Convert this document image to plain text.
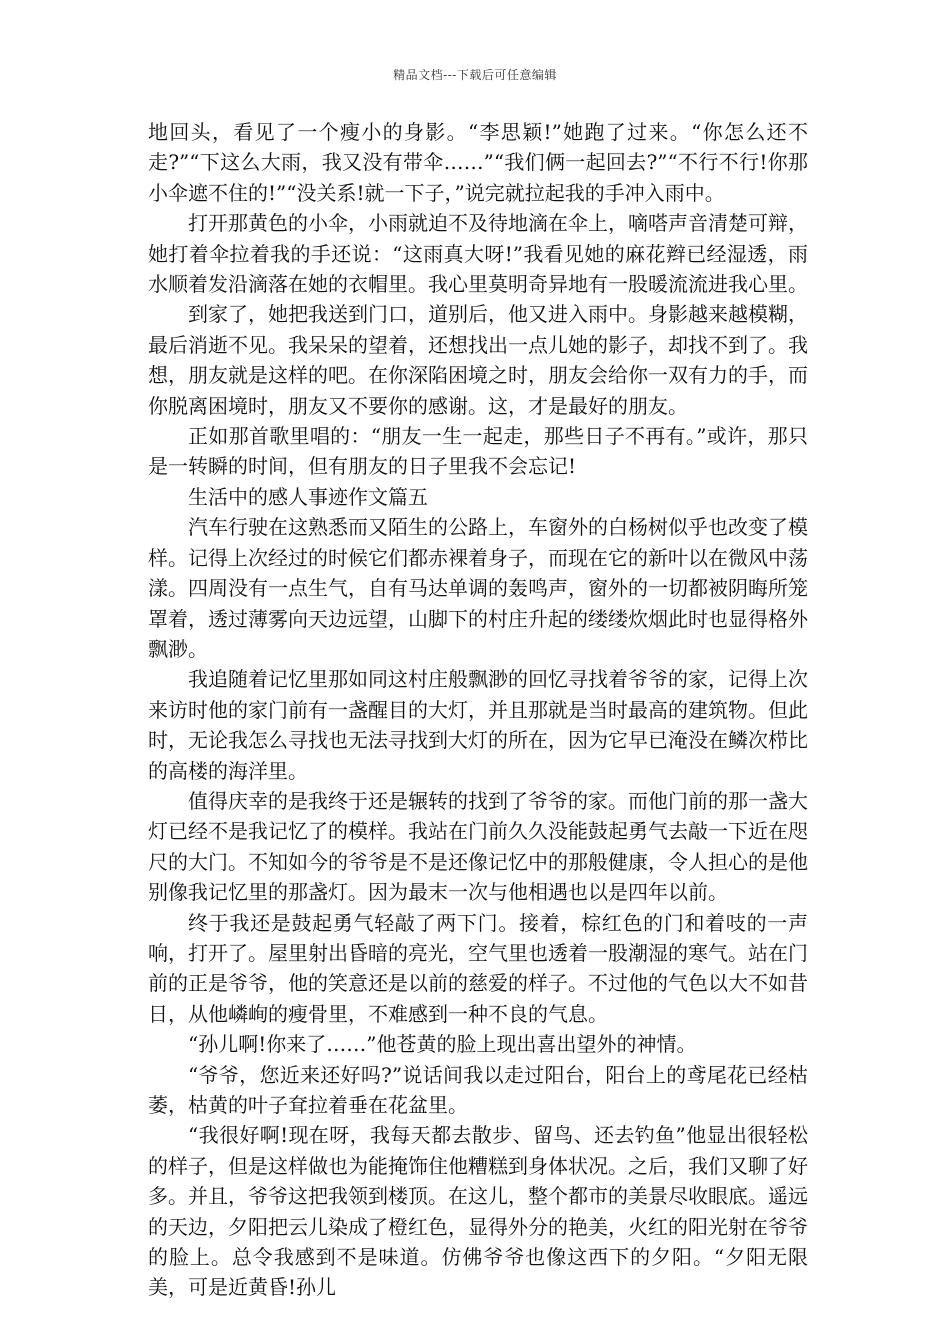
精品文档---下载后可任意编辑

地回头，看见了一个瘦小的身影。“李思颖!”她跑了过来。“你怎么还不走?”“下这么大雨，我又没有带伞……”“我们俩一起回去?”“不行不行!你那小伞遮不住的!”“没关系!就一下子，”说完就拉起我的手冲入雨中。

打开那黄色的小伞，小雨就迫不及待地滴在伞上，嘀嗒声音清楚可辩，她打着伞拉着我的手还说：“这雨真大呀!”我看见她的麻花辫已经湿透，雨水顺着发沿滴落在她的衣帽里。我心里莫明奇异地有一股暖流流进我心里。

到家了，她把我送到门口，道别后，他又进入雨中。身影越来越模糊，最后消逝不见。我呆呆的望着，还想找出一点儿她的影子，却找不到了。我想，朋友就是这样的吧。在你深陷困境之时，朋友会给你一双有力的手，而你脱离困境时，朋友又不要你的感谢。这，才是最好的朋友。

正如那首歌里唱的：“朋友一生一起走，那些日子不再有。”或许，那只是一转瞬的时间，但有朋友的日子里我不会忘记!

生活中的感人事迹作文篇五

汽车行驶在这熟悉而又陌生的公路上，车窗外的白杨树似乎也改变了模样。记得上次经过的时候它们都赤裸着身子，而现在它的新叶以在微风中荡漾。四周没有一点生气，自有马达单调的轰鸣声，窗外的一切都被阴晦所笼罩着，透过薄雾向天边远望，山脚下的村庄升起的缕缕炊烟此时也显得格外飘渺。

我追随着记忆里那如同这村庄般飘渺的回忆寻找着爷爷的家，记得上次来访时他的家门前有一盏醒目的大灯，并且那就是当时最高的建筑物。但此时，无论我怎么寻找也无法寻找到大灯的所在，因为它早已淹没在鳞次栉比的高楼的海洋里。

值得庆幸的是我终于还是辗转的找到了爷爷的家。而他门前的那一盏大灯已经不是我记忆了的模样。我站在门前久久没能鼓起勇气去敲一下近在咫尺的大门。不知如今的爷爷是不是还像记忆中的那般健康，令人担心的是他别像我记忆里的那盏灯。因为最末一次与他相遇也以是四年以前。

终于我还是鼓起勇气轻敲了两下门。接着，棕红色的门和着吱的一声响，打开了。屋里射出昏暗的亮光，空气里也透着一股潮湿的寒气。站在门前的正是爷爷，他的笑意还是以前的慈爱的样子。不过他的气色以大不如昔日，从他嶙峋的瘦骨里，不难感到一种不良的气息。

“孙儿啊!你来了……”他苍黄的脸上现出喜出望外的神情。

“爷爷，您近来还好吗?”说话间我以走过阳台，阳台上的鸢尾花已经枯萎，枯黄的叶子耷拉着垂在花盆里。

“我很好啊!现在呀，我每天都去散步、留鸟、还去钓鱼”他显出很轻松的样子，但是这样做也为能掩饰住他糟糕到身体状况。之后，我们又聊了好多。并且，爷爷这把我领到楼顶。在这儿，整个都市的美景尽收眼底。遥远的天边，夕阳把云儿染成了橙红色，显得外分的艳美，火红的阳光射在爷爷的脸上。总令我感到不是味道。仿佛爷爷也像这西下的夕阳。“夕阳无限美，可是近黄昏!孙儿
